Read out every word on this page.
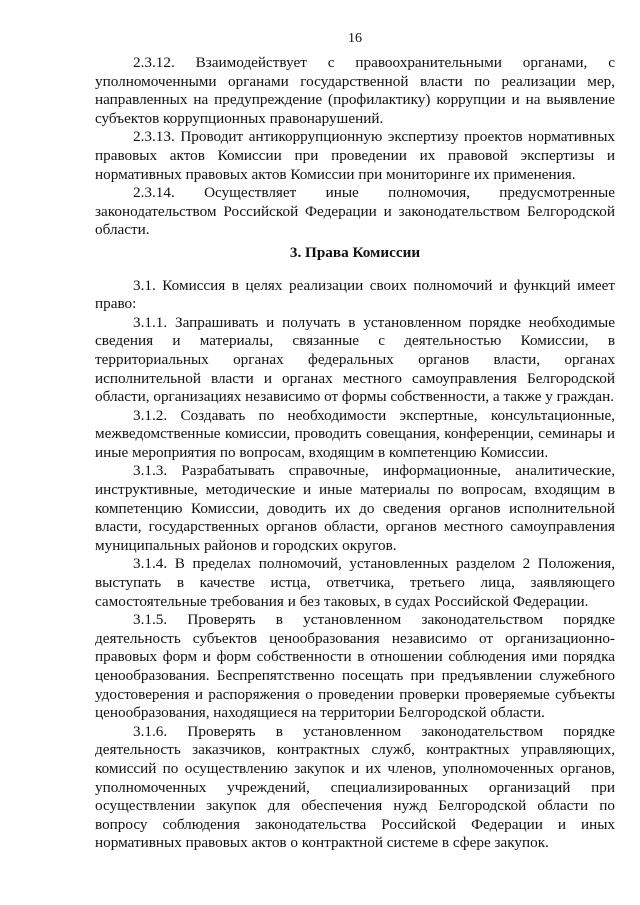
16

2.3.12. Взаимодействует с правоохранительными органами, с уполномоченными органами государственной власти по реализации мер, направленных на предупреждение (профилактику) коррупции и на выявление субъектов коррупционных правонарушений.

2.3.13. Проводит антикоррупционную экспертизу проектов нормативных правовых актов Комиссии при проведении их правовой экспертизы и нормативных правовых актов Комиссии при мониторинге их применения.

2.3.14. Осуществляет иные полномочия, предусмотренные законодательством Российской Федерации и законодательством Белгородской области.

3. Права Комиссии

3.1. Комиссия в целях реализации своих полномочий и функций имеет право:

3.1.1. Запрашивать и получать в установленном порядке необходимые сведения и материалы, связанные с деятельностью Комиссии, в территориальных органах федеральных органов власти, органах исполнительной власти и органах местного самоуправления Белгородской области, организациях независимо от формы собственности, а также у граждан.

3.1.2. Создавать по необходимости экспертные, консультационные, межведомственные комиссии, проводить совещания, конференции, семинары и иные мероприятия по вопросам, входящим в компетенцию Комиссии.

3.1.3. Разрабатывать справочные, информационные, аналитические, инструктивные, методические и иные материалы по вопросам, входящим в компетенцию Комиссии, доводить их до сведения органов исполнительной власти, государственных органов области, органов местного самоуправления муниципальных районов и городских округов.

3.1.4. В пределах полномочий, установленных разделом 2 Положения, выступать в качестве истца, ответчика, третьего лица, заявляющего самостоятельные требования и без таковых, в судах Российской Федерации.

3.1.5. Проверять в установленном законодательством порядке деятельность субъектов ценообразования независимо от организационно-правовых форм и форм собственности в отношении соблюдения ими порядка ценообразования. Беспрепятственно посещать при предъявлении служебного удостоверения и распоряжения о проведении проверки проверяемые субъекты ценообразования, находящиеся на территории Белгородской области.

3.1.6. Проверять в установленном законодательством порядке деятельность заказчиков, контрактных служб, контрактных управляющих, комиссий по осуществлению закупок и их членов, уполномоченных органов, уполномоченных учреждений, специализированных организаций при осуществлении закупок для обеспечения нужд Белгородской области по вопросу соблюдения законодательства Российской Федерации и иных нормативных правовых актов о контрактной системе в сфере закупок.
